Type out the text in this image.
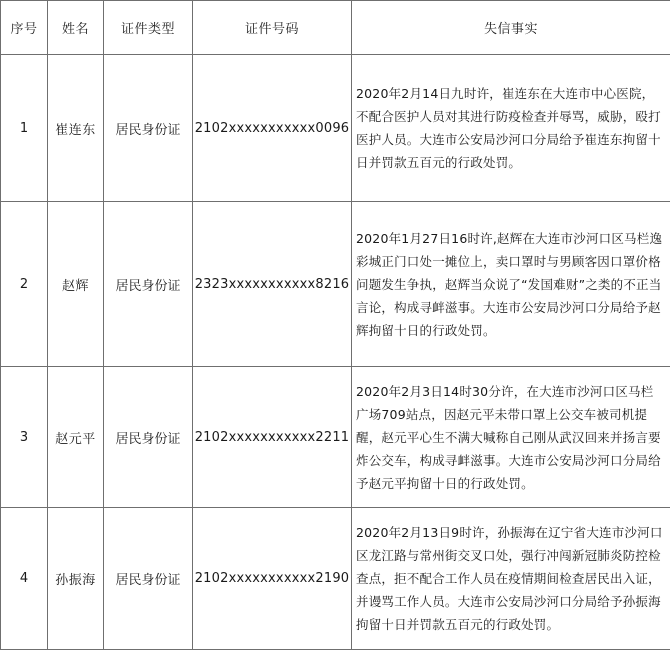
序号	姓名	证件类型	证件号码	失信事实
1	崔连东	居民身份证	2102xxxxxxxxxxx0096	2020年2月14日九时许，崔连东在大连市中心医院，不配合医护人员对其进行防疫检查并辱骂，威胁，殴打医护人员。大连市公安局沙河口分局给予崔连东拘留十日并罚款五百元的行政处罚。

2	赵辉	居民身份证	2323xxxxxxxxxxx8216	2020年1月27日16时许,赵辉在大连市沙河口区马栏逸彩城正门口处一摊位上，卖口罩时与男顾客因口罩价格问题发生争执，赵辉当众说了“发国难财”之类的不正当言论，构成寻衅滋事。大连市公安局沙河口分局给予赵辉拘留十日的行政处罚。

3	赵元平	居民身份证	2102xxxxxxxxxxx2211	2020年2月3日14时30分许，在大连市沙河口区马栏广场709站点，因赵元平未带口罩上公交车被司机提醒，赵元平心生不满大喊称自己刚从武汉回来并扬言要炸公交车，构成寻衅滋事。大连市公安局沙河口分局给予赵元平拘留十日的行政处罚。

4	孙振海	居民身份证	2102xxxxxxxxxxx2190	2020年2月13日9时许，孙振海在辽宁省大连市沙河口区龙江路与常州街交叉口处，强行冲闯新冠肺炎防控检查点，拒不配合工作人员在疫情期间检查居民出入证，并谩骂工作人员。大连市公安局沙河口分局给予孙振海拘留十日并罚款五百元的行政处罚。
